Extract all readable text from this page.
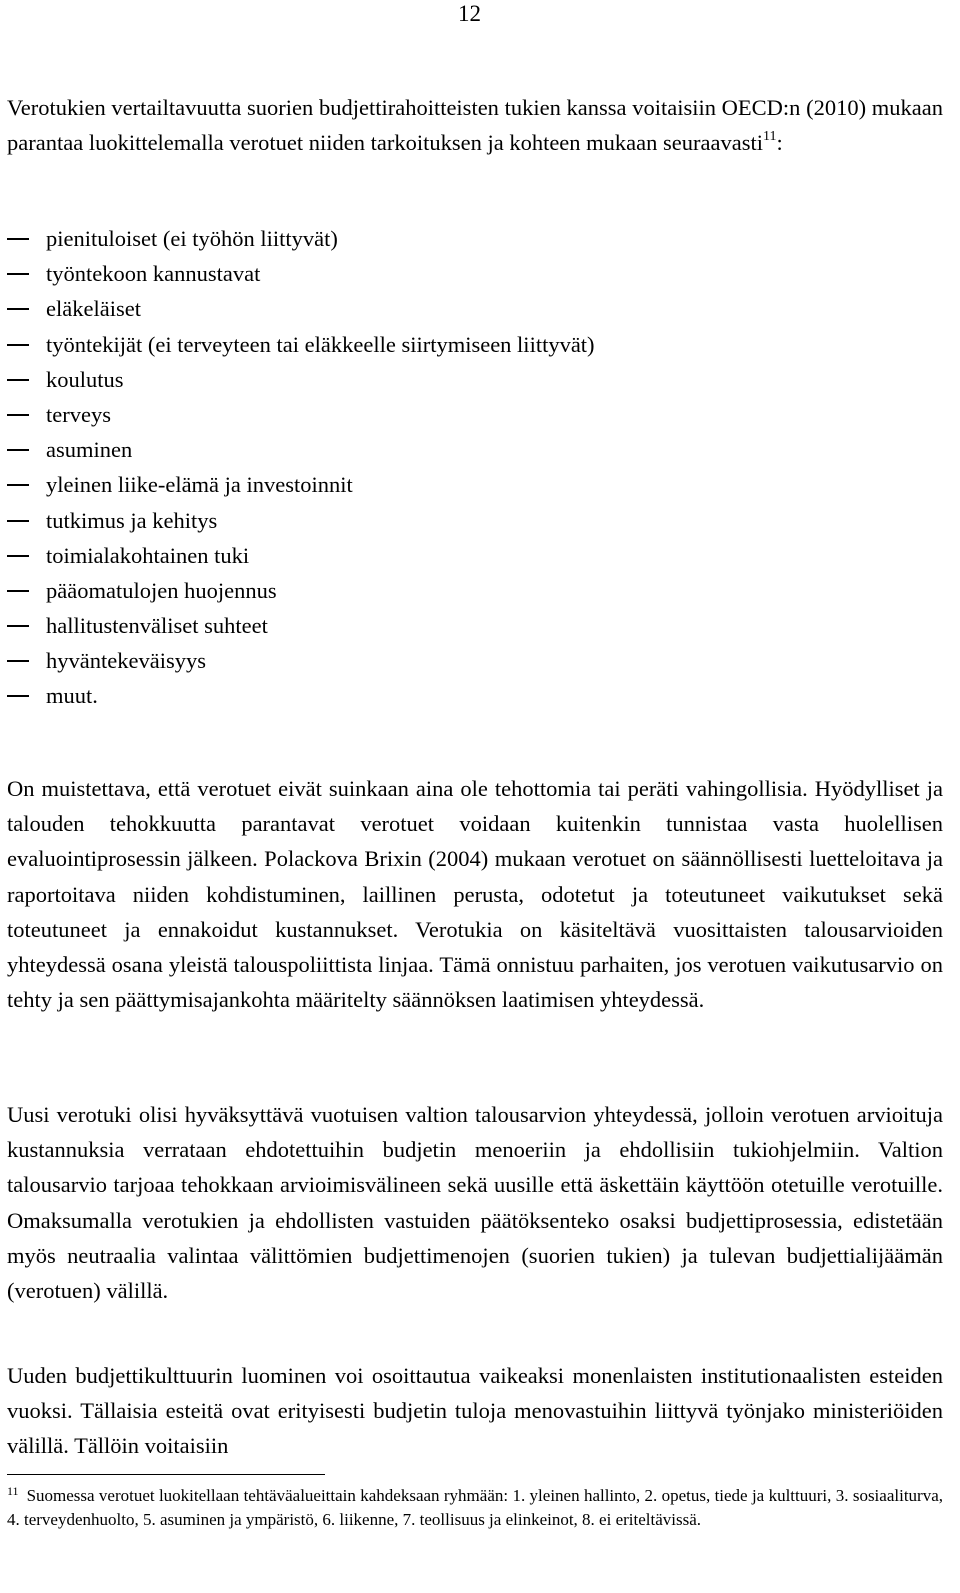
12

Verotukien vertailtavuutta suorien budjettirahoitteisten tukien kanssa voitaisiin OECD:n (2010) mukaan parantaa luokittelemalla verotuet niiden tarkoituksen ja kohteen mukaan seuraavasti$^{11}$:

pienituloiset (ei työhön liittyvät)
työntekoon kannustavat
eläkeläiset
työntekijät (ei terveyteen tai eläkkeelle siirtymiseen liittyvät)
koulutus
terveys
asuminen
yleinen liike-elämä ja investoinnit
tutkimus ja kehitys
toimialakohtainen tuki
pääomatulojen huojennus
hallitustenväliset suhteet
hyväntekeväisyys
muut.

On muistettava, että verotuet eivät suinkaan aina ole tehottomia tai peräti vahingollisia. Hyödylliset ja talouden tehokkuutta parantavat verotuet voidaan kuitenkin tunnistaa vasta huolellisen evaluointiprosessin jälkeen. Polackova Brixin (2004) mukaan verotuet on säännöllisesti luetteloitava ja raportoitava niiden kohdistuminen, laillinen perusta, odotetut ja toteutuneet vaikutukset sekä toteutuneet ja ennakoidut kustannukset. Verotukia on käsiteltävä vuosittaisten talousarvioiden yhteydessä osana yleistä talouspoliittista linjaa. Tämä onnistuu parhaiten, jos verotuen vaikutusarvio on tehty ja sen päättymisajankohta määritelty säännöksen laatimisen yhteydessä.

Uusi verotuki olisi hyväksyttävä vuotuisen valtion talousarvion yhteydessä, jolloin verotuen arvioituja kustannuksia verrataan ehdotettuihin budjetin menoeriin ja ehdollisiin tukiohjelmiin. Valtion talousarvio tarjoaa tehokkaan arvioimisvälineen sekä uusille että äskettäin käyttöön otetuille verotuille. Omaksumalla verotukien ja ehdollisten vastuiden päätöksenteko osaksi budjettiprosessia, edistetään myös neutraalia valintaa välittömien budjettimenojen (suorien tukien) ja tulevan budjettialijäämän (verotuen) välillä.

Uuden budjettikulttuurin luominen voi osoittautua vaikeaksi monenlaisten institutionaalisten esteiden vuoksi. Tällaisia esteitä ovat erityisesti budjetin tuloja menovastuihin liittyvä työnjako ministeriöiden välillä. Tällöin voitaisiin

$^{11}$ Suomessa verotuet luokitellaan tehtäväalueittain kahdeksaan ryhmään: 1. yleinen hallinto, 2. opetus, tiede ja kulttuuri, 3. sosiaaliturva, 4. terveydenhuolto, 5. asuminen ja ympäristö, 6. liikenne, 7. teollisuus ja elinkeinot, 8. ei eriteltävissä.
